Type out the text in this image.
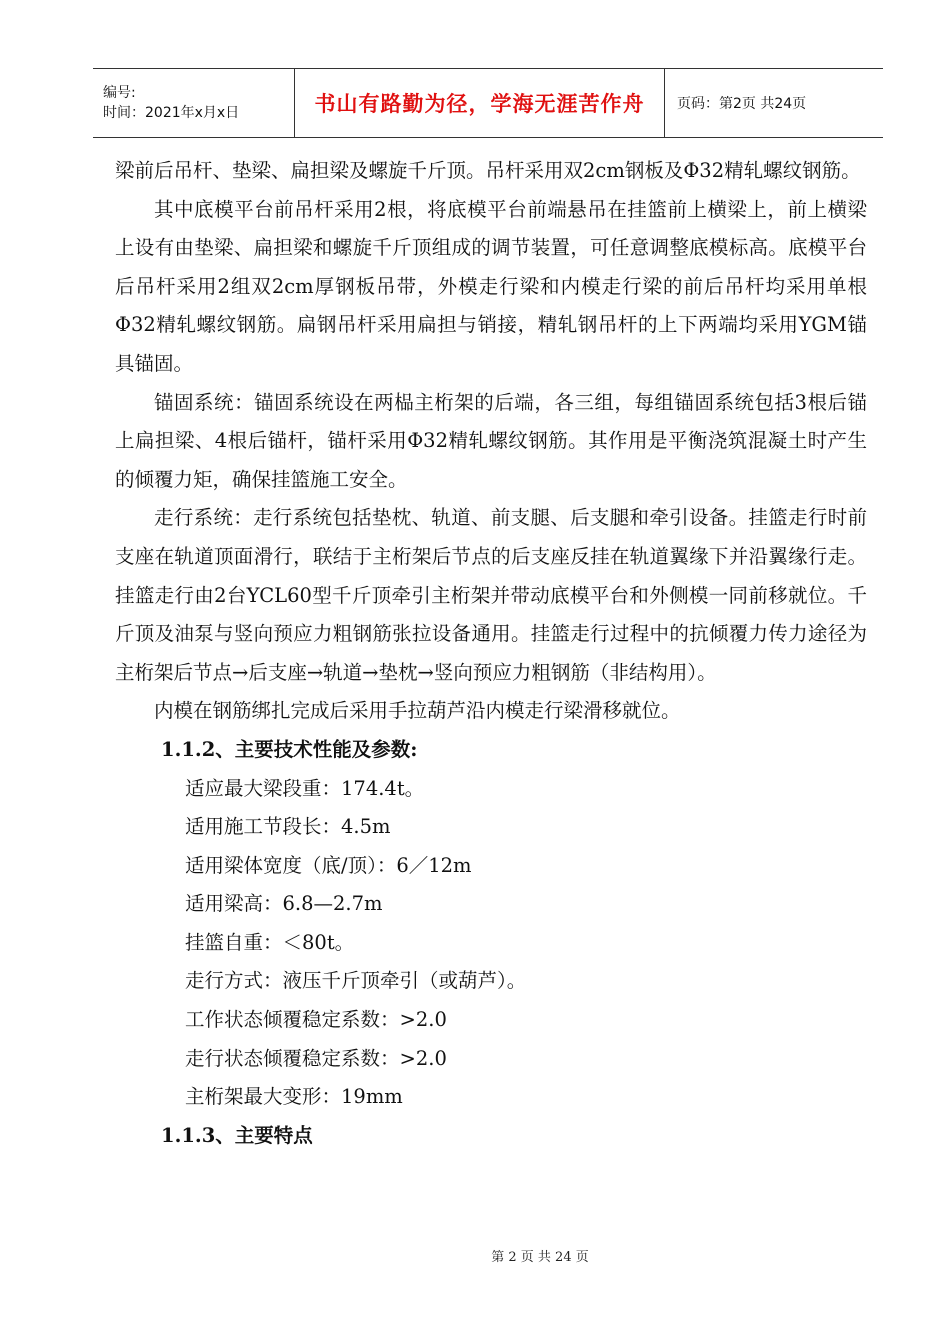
编号:
时间：2021年x月x日	书山有路勤为径，学海无涯苦作舟	页码：第2页 共24页

梁前后吊杆、垫梁、扁担梁及螺旋千斤顶。吊杆采用双2cm钢板及Φ32精轧螺纹钢筋。

其中底模平台前吊杆采用2根，将底模平台前端悬吊在挂篮前上横梁上，前上横梁上设有由垫梁、扁担梁和螺旋千斤顶组成的调节装置，可任意调整底模标高。底模平台后吊杆采用2组双2cm厚钢板吊带，外模走行梁和内模走行梁的前后吊杆均采用单根Φ32精轧螺纹钢筋。扁钢吊杆采用扁担与销接，精轧钢吊杆的上下两端均采用YGM锚具锚固。

锚固系统：锚固系统设在两榀主桁架的后端，各三组，每组锚固系统包括3根后锚上扁担梁、4根后锚杆，锚杆采用Φ32精轧螺纹钢筋。其作用是平衡浇筑混凝土时产生的倾覆力矩，确保挂篮施工安全。

走行系统：走行系统包括垫枕、轨道、前支腿、后支腿和牵引设备。挂篮走行时前支座在轨道顶面滑行，联结于主桁架后节点的后支座反挂在轨道翼缘下并沿翼缘行走。挂篮走行由2台YCL60型千斤顶牵引主桁架并带动底模平台和外侧模一同前移就位。千斤顶及油泵与竖向预应力粗钢筋张拉设备通用。挂篮走行过程中的抗倾覆力传力途径为主桁架后节点→后支座→轨道→垫枕→竖向预应力粗钢筋（非结构用）。

内模在钢筋绑扎完成后采用手拉葫芦沿内模走行梁滑移就位。

1.1.2、主要技术性能及参数:

适应最大梁段重：174.4t。

适用施工节段长：4.5m

适用梁体宽度（底/顶）：6／12m

适用梁高：6.8—2.7m

挂篮自重：＜80t。

走行方式：液压千斤顶牵引（或葫芦）。

工作状态倾覆稳定系数：>2.0

走行状态倾覆稳定系数：>2.0

主桁架最大变形：19mm

1.1.3、主要特点

第 2 页 共 24 页
